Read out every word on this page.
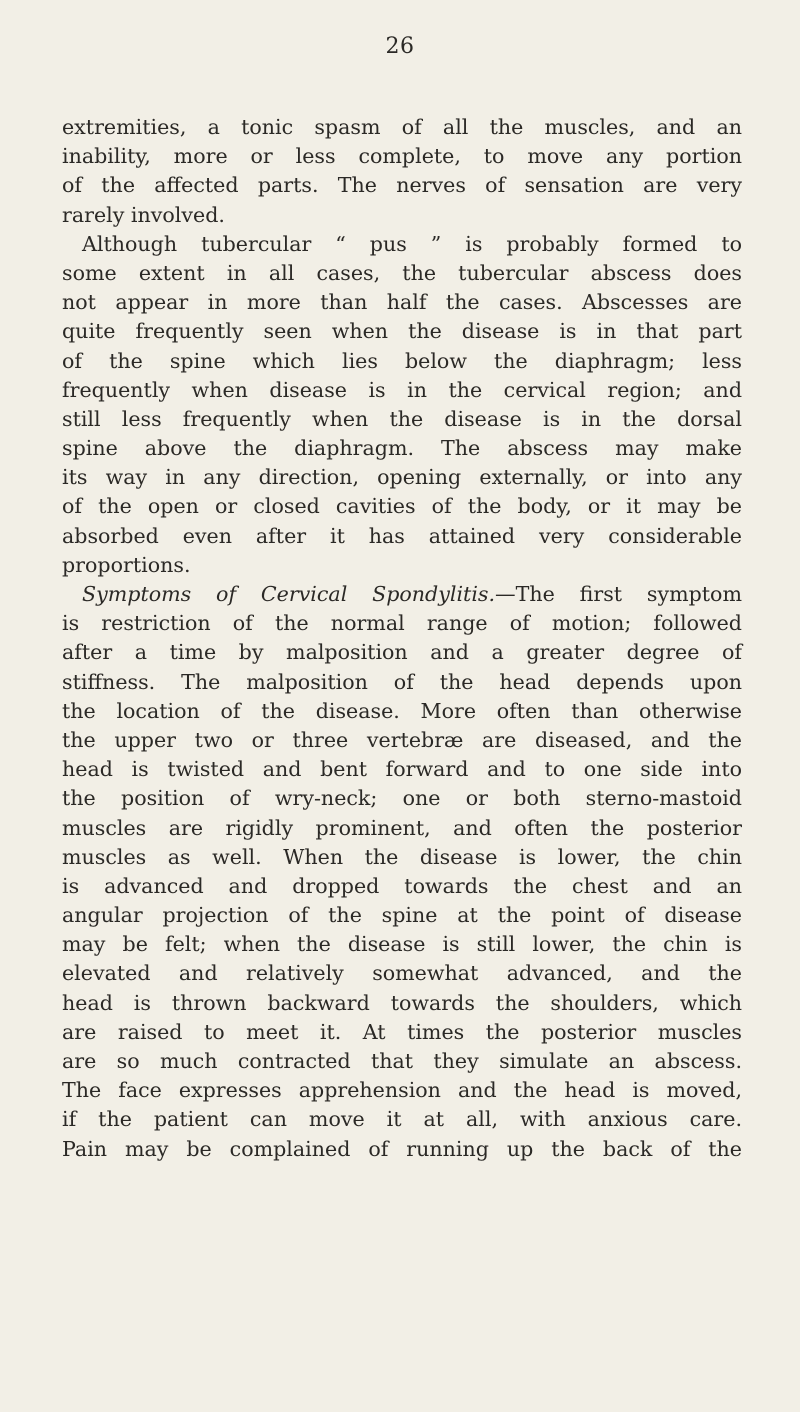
26
extremities, a tonic spasm of all the muscles, and an
inability, more or less complete, to move any portion
of the affected parts. The nerves of sensation are very
rarely involved.
Although tubercular “ pus ” is probably formed to
some extent in all cases, the tubercular abscess does
not appear in more than half the cases. Abscesses are
quite frequently seen when the disease is in that part
of the spine which lies below the diaphragm; less
frequently when disease is in the cervical region; and
still less frequently when the disease is in the dorsal
spine above the diaphragm. The abscess may make
its way in any direction, opening externally, or into any
of the open or closed cavities of the body, or it may be
absorbed even after it has attained very considerable
proportions.
Symptoms of Cervical Spondylitis.—The first symptom
is restriction of the normal range of motion; followed
after a time by malposition and a greater degree of
stiffness. The malposition of the head depends upon
the location of the disease. More often than otherwise
the upper two or three vertebræ are diseased, and the
head is twisted and bent forward and to one side into
the position of wry-neck; one or both sterno-mastoid
muscles are rigidly prominent, and often the posterior
muscles as well. When the disease is lower, the chin
is advanced and dropped towards the chest and an
angular projection of the spine at the point of disease
may be felt; when the disease is still lower, the chin is
elevated and relatively somewhat advanced, and the
head is thrown backward towards the shoulders, which
are raised to meet it. At times the posterior muscles
are so much contracted that they simulate an abscess.
The face expresses apprehension and the head is moved,
if the patient can move it at all, with anxious care.
Pain may be complained of running up the back of the
